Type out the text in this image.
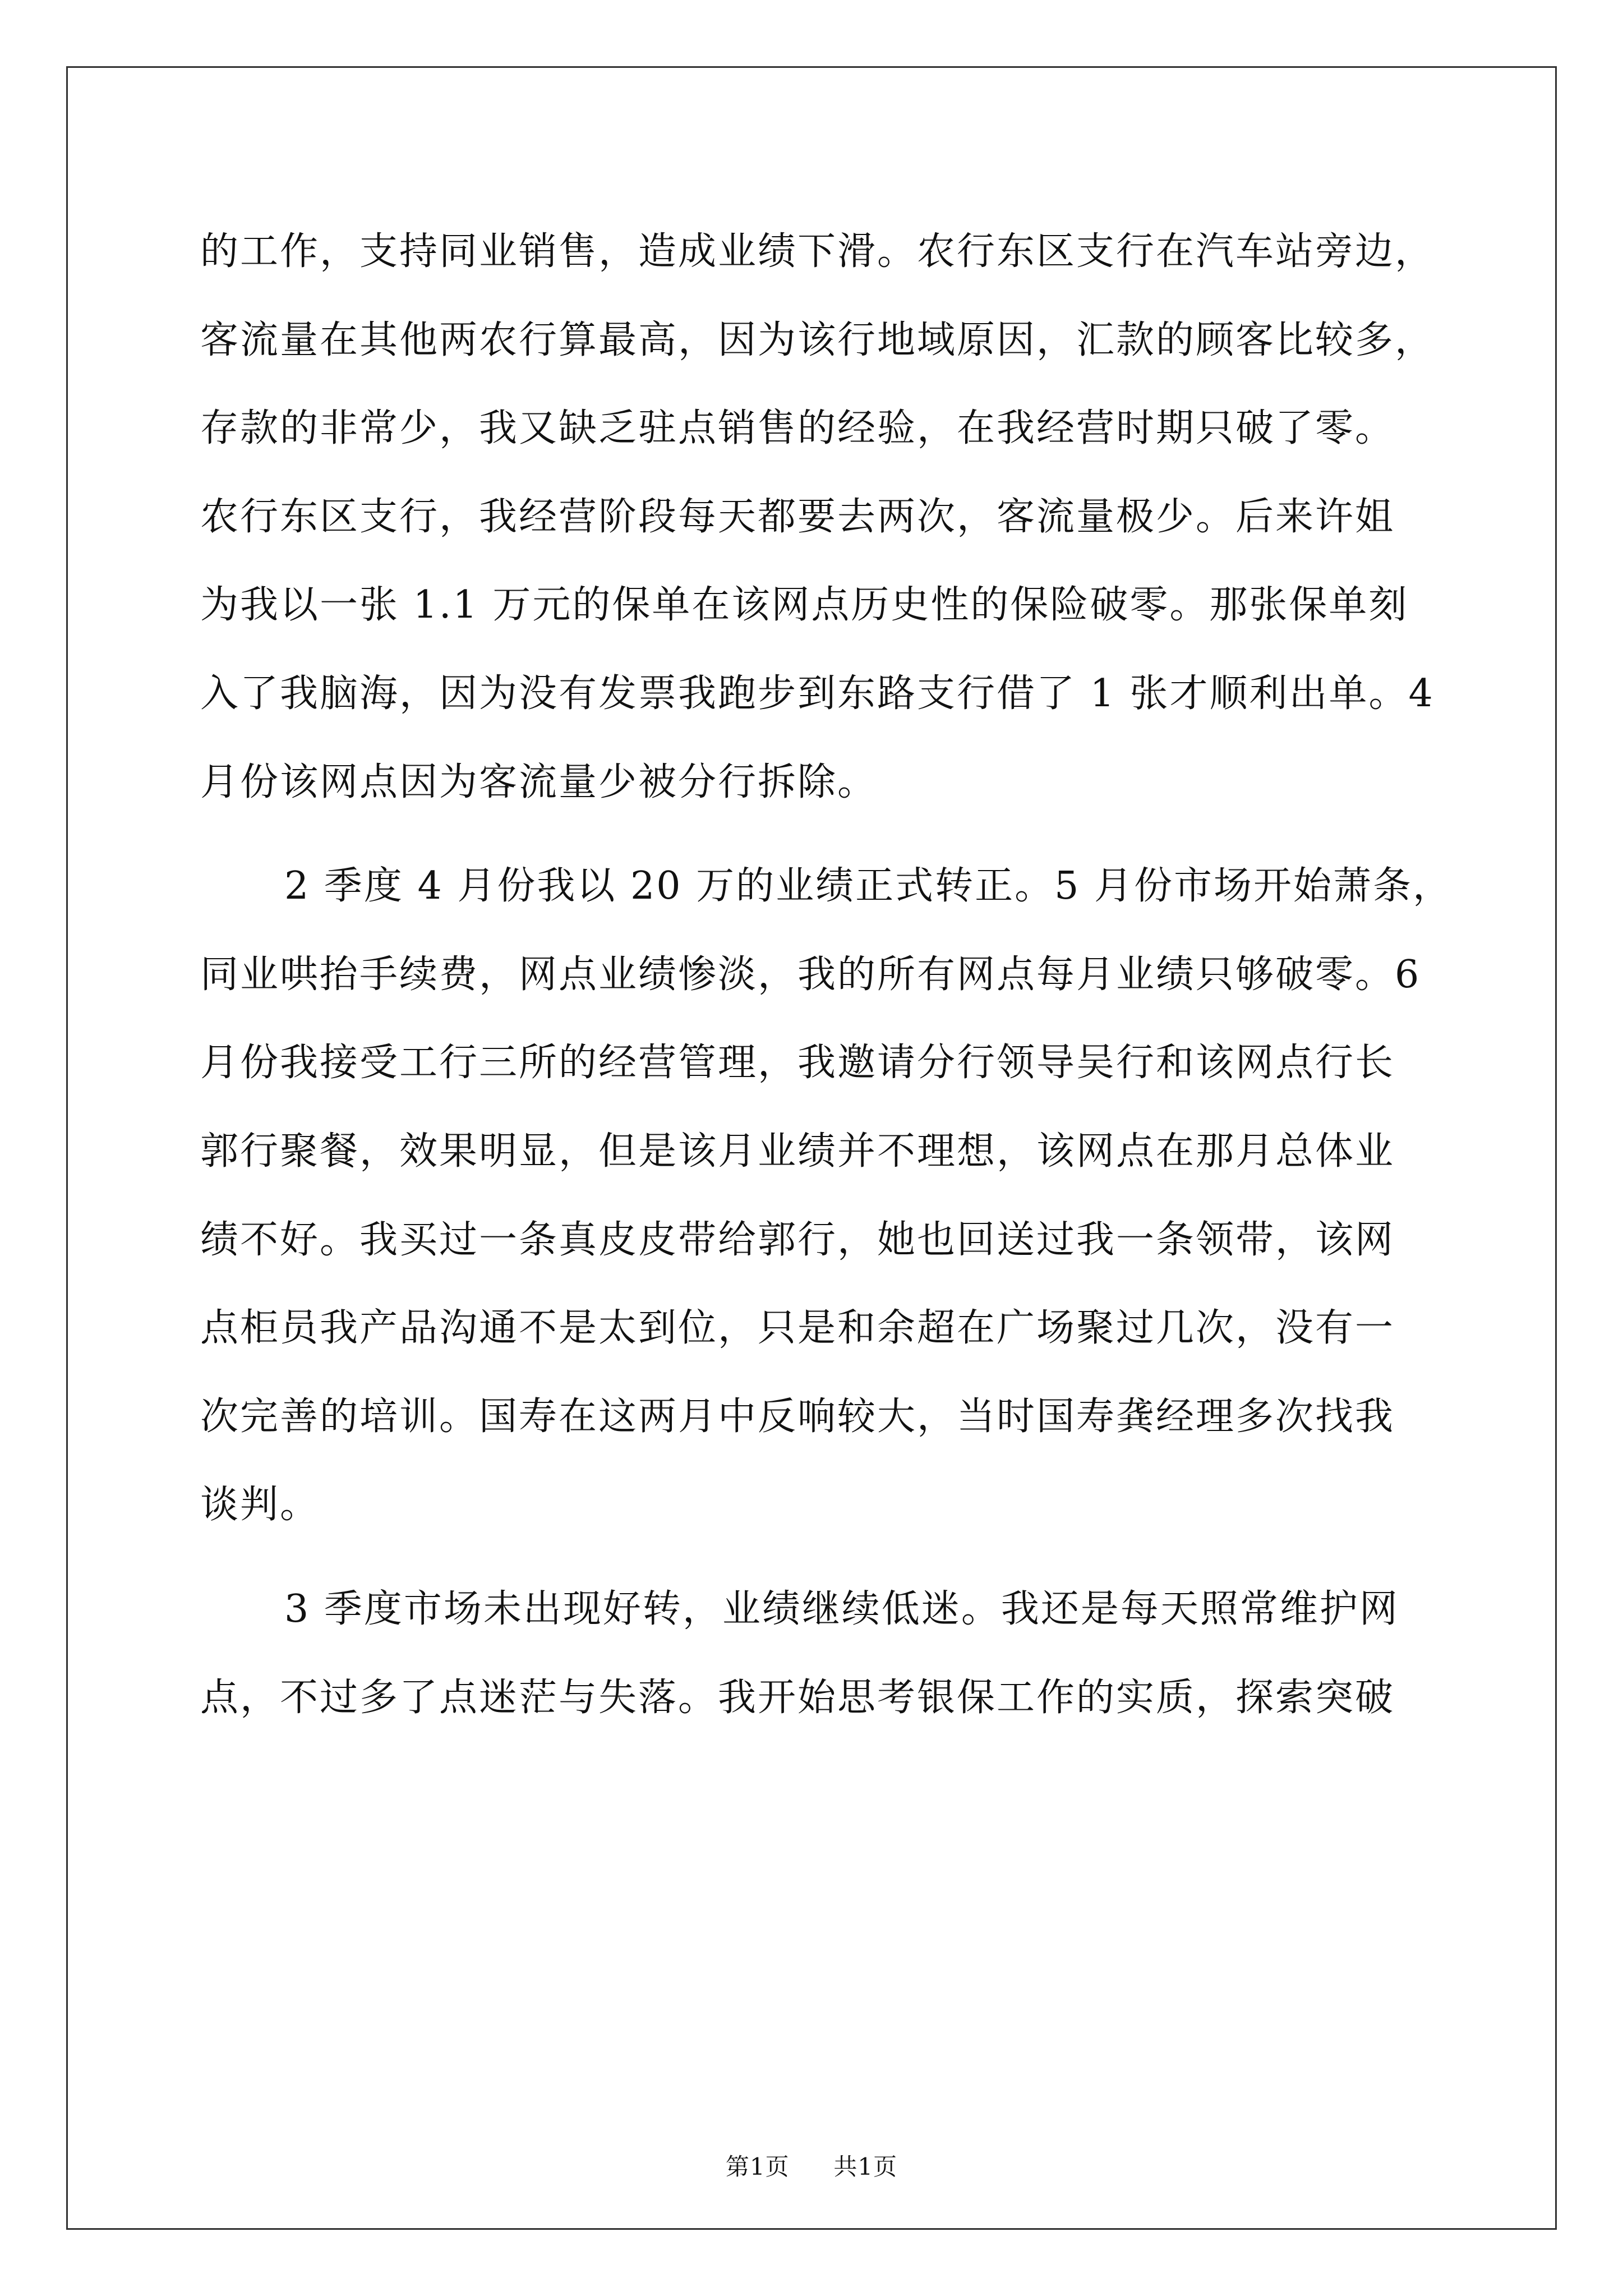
的工作，支持同业销售，造成业绩下滑。农行东区支行在汽车站旁边，
客流量在其他两农行算最高，因为该行地域原因，汇款的顾客比较多，
存款的非常少，我又缺乏驻点销售的经验，在我经营时期只破了零。
农行东区支行，我经营阶段每天都要去两次，客流量极少。后来许姐
为我以一张 1.1 万元的保单在该网点历史性的保险破零。那张保单刻
入了我脑海，因为没有发票我跑步到东路支行借了 1 张才顺利出单。4
月份该网点因为客流量少被分行拆除。
2 季度 4 月份我以 20 万的业绩正式转正。5 月份市场开始萧条，
同业哄抬手续费，网点业绩惨淡，我的所有网点每月业绩只够破零。6
月份我接受工行三所的经营管理，我邀请分行领导吴行和该网点行长
郭行聚餐，效果明显，但是该月业绩并不理想，该网点在那月总体业
绩不好。我买过一条真皮皮带给郭行，她也回送过我一条领带，该网
点柜员我产品沟通不是太到位，只是和余超在广场聚过几次，没有一
次完善的培训。国寿在这两月中反响较大，当时国寿龚经理多次找我
谈判。
3 季度市场未出现好转，业绩继续低迷。我还是每天照常维护网
点，不过多了点迷茫与失落。我开始思考银保工作的实质，探索突破
第1页 共1页
